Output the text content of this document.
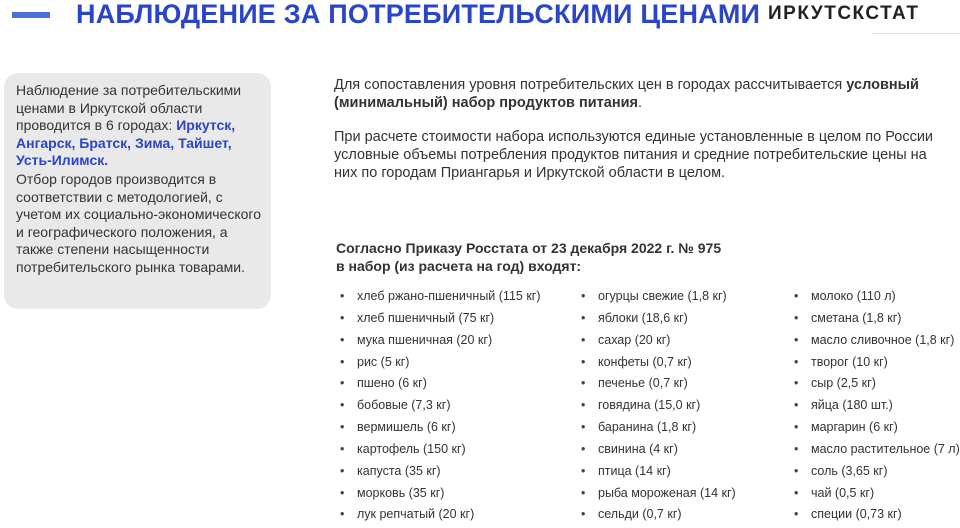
НАБЛЮДЕНИЕ ЗА ПОТРЕБИТЕЛЬСКИМИ ЦЕНАМИ ИРКУТСКСТАТ

Наблюдение за потребительскими ценами в Иркутской области проводится в 6 городах: Иркутск, Ангарск, Братск, Зима, Тайшет, Усть-Илимск.

Отбор городов производится в соответствии с методологией, с учетом их социально-экономического и географического положения, а также степени насыщенности потребительского рынка товарами.

Для сопоставления уровня потребительских цен в городах рассчитывается условный (минимальный) набор продуктов питания.

При расчете стоимости набора используются единые установленные в целом по России условные объемы потребления продуктов питания и средние потребительские цены на них по городам Приангарья и Иркутской области в целом.

Согласно Приказу Росстата от 23 декабря 2022 г. № 975
в набор (из расчета на год) входят:
• хлеб ржано-пшеничный (115 кг)
• хлеб пшеничный (75 кг)
• мука пшеничная (20 кг)
• рис (5 кг)
• пшено (6 кг)
• бобовые (7,3 кг)
• вермишель (6 кг)
• картофель (150 кг)
• капуста (35 кг)
• морковь (35 кг)
• лук репчатый (20 кг)
• огурцы свежие (1,8 кг)
• яблоки (18,6 кг)
• сахар (20 кг)
• конфеты (0,7 кг)
• печенье (0,7 кг)
• говядина (15,0 кг)
• баранина (1,8 кг)
• свинина (4 кг)
• птица (14 кг)
• рыба мороженая (14 кг)
• сельди (0,7 кг)
• молоко (110 л)
• сметана (1,8 кг)
• масло сливочное (1,8 кг)
• творог (10 кг)
• сыр (2,5 кг)
• яйца (180 шт.)
• маргарин (6 кг)
• масло растительное (7 л)
• соль (3,65 кг)
• чай (0,5 кг)
• специи (0,73 кг)
